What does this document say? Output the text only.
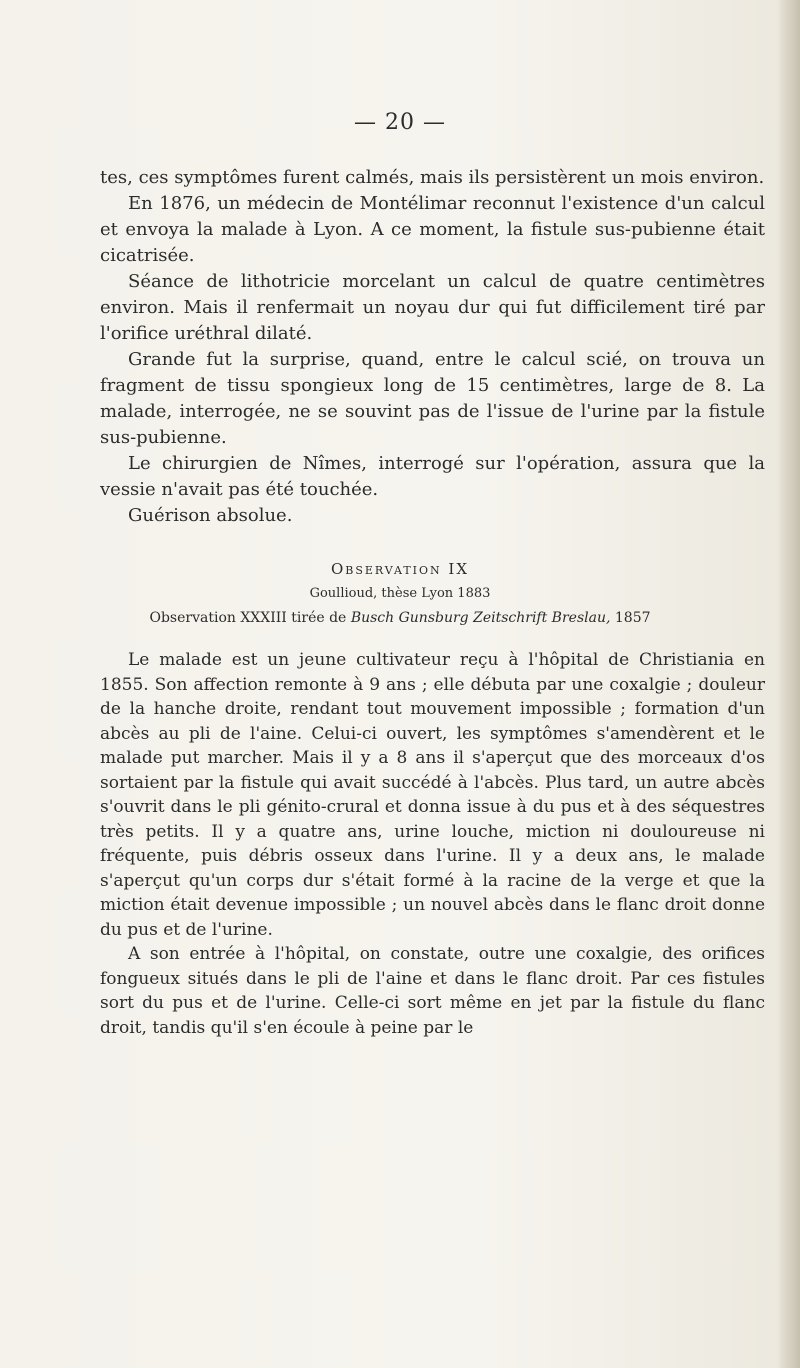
— 20 —

tes, ces symptômes furent calmés, mais ils persistèrent un mois environ.

En 1876, un médecin de Montélimar reconnut l'existence d'un calcul et envoya la malade à Lyon. A ce moment, la fistule sus-pubienne était cicatrisée.

Séance de lithotricie morcelant un calcul de quatre centimètres environ. Mais il renfermait un noyau dur qui fut difficilement tiré par l'orifice uréthral dilaté.

Grande fut la surprise, quand, entre le calcul scié, on trouva un fragment de tissu spongieux long de 15 centimètres, large de 8. La malade, interrogée, ne se souvint pas de l'issue de l'urine par la fistule sus-pubienne.

Le chirurgien de Nîmes, interrogé sur l'opération, assura que la vessie n'avait pas été touchée.

Guérison absolue.

Observation IX
Goullioud, thèse Lyon 1883
Observation XXXIII tirée de Busch Gunsburg Zeitschrift Breslau, 1857

Le malade est un jeune cultivateur reçu à l'hôpital de Christiania en 1855. Son affection remonte à 9 ans ; elle débuta par une coxalgie ; douleur de la hanche droite, rendant tout mouvement impossible ; formation d'un abcès au pli de l'aine. Celui-ci ouvert, les symptômes s'amendèrent et le malade put marcher. Mais il y a 8 ans il s'aperçut que des morceaux d'os sortaient par la fistule qui avait succédé à l'abcès. Plus tard, un autre abcès s'ouvrit dans le pli génito-crural et donna issue à du pus et à des séquestres très petits. Il y a quatre ans, urine louche, miction ni douloureuse ni fréquente, puis débris osseux dans l'urine. Il y a deux ans, le malade s'aperçut qu'un corps dur s'était formé à la racine de la verge et que la miction était devenue impossible ; un nouvel abcès dans le flanc droit donne du pus et de l'urine.

A son entrée à l'hôpital, on constate, outre une coxalgie, des orifices fongueux situés dans le pli de l'aine et dans le flanc droit. Par ces fistules sort du pus et de l'urine. Celle-ci sort même en jet par la fistule du flanc droit, tandis qu'il s'en écoule à peine par le
